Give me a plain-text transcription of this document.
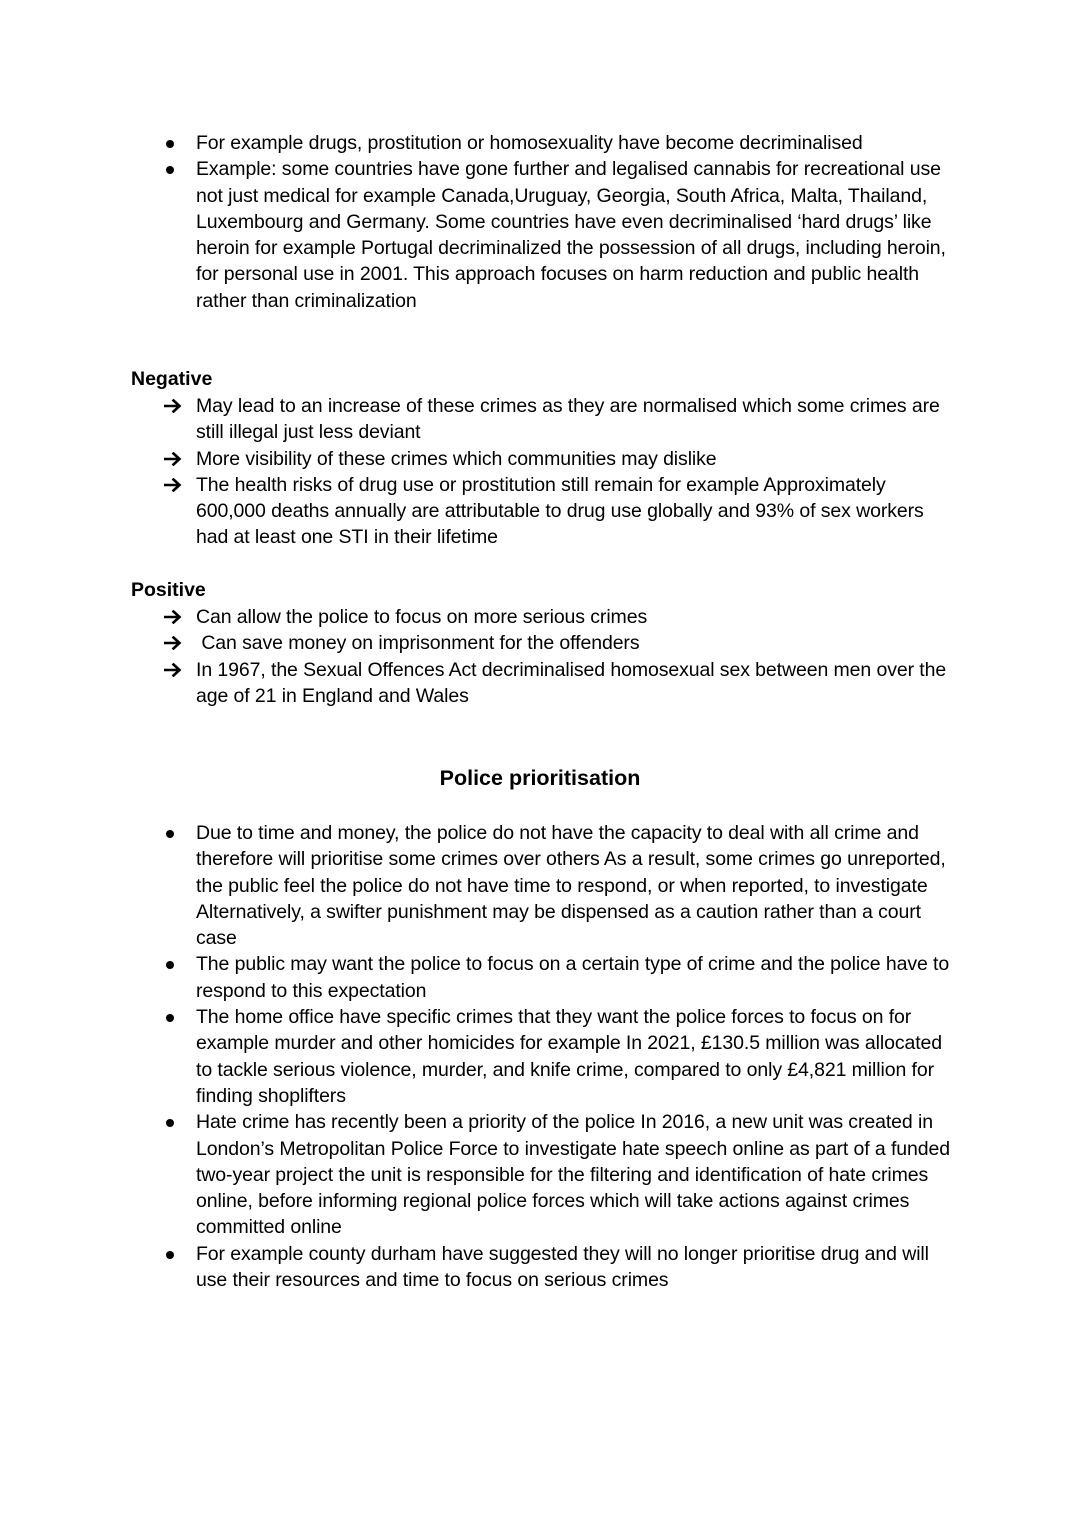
For example drugs, prostitution or homosexuality have become decriminalised
Example: some countries have gone further and legalised cannabis for recreational use not just medical for example Canada,Uruguay, Georgia, South Africa, Malta, Thailand, Luxembourg and Germany. Some countries have even decriminalised ‘hard drugs’ like heroin for example Portugal decriminalized the possession of all drugs, including heroin, for personal use in 2001. This approach focuses on harm reduction and public health rather than criminalization
Negative
May lead to an increase of these crimes as they are normalised which some crimes are still illegal just less deviant
More visibility of these crimes which communities may dislike
The health risks of drug use or prostitution still remain for example Approximately 600,000 deaths annually are attributable to drug use globally and 93% of sex workers had at least one STI in their lifetime
Positive
Can allow the police to focus on more serious crimes
Can save money on imprisonment for the offenders
In 1967, the Sexual Offences Act decriminalised homosexual sex between men over the age of 21 in England and Wales
Police prioritisation
Due to time and money, the police do not have the capacity to deal with all crime and therefore will prioritise some crimes over others As a result, some crimes go unreported, the public feel the police do not have time to respond, or when reported, to investigate Alternatively, a swifter punishment may be dispensed as a caution rather than a court case
The public may want the police to focus on a certain type of crime and the police have to respond to this expectation
The home office have specific crimes that they want the police forces to focus on for example murder and other homicides for example In 2021, £130.5 million was allocated to tackle serious violence, murder, and knife crime, compared to only £4,821 million for finding shoplifters
Hate crime has recently been a priority of the police In 2016, a new unit was created in London’s Metropolitan Police Force to investigate hate speech online as part of a funded two-year project the unit is responsible for the filtering and identification of hate crimes online, before informing regional police forces which will take actions against crimes committed online
For example county durham have suggested they will no longer prioritise drug and will use their resources and time to focus on serious crimes
